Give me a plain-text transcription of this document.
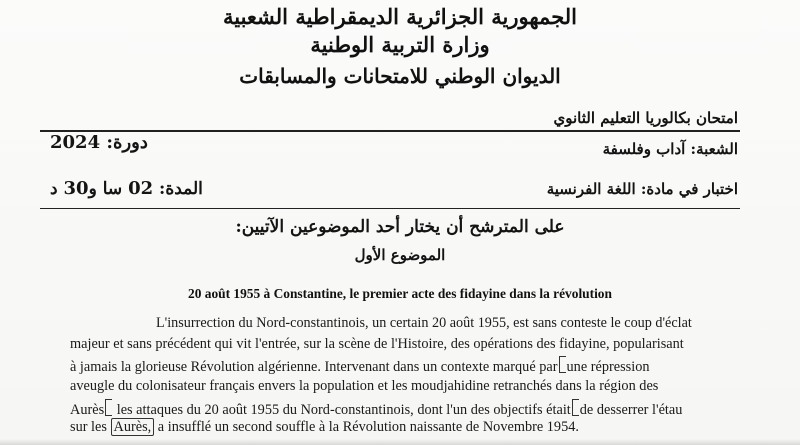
الجمهورية الجزائرية الديمقراطية الشعبية
وزارة التربية الوطنية
الديوان الوطني للامتحانات والمسابقات
امتحان بكالوريا التعليم الثانوي
الشعبة: آداب وفلسفة
دورة: 2024
اختبار في مادة: اللغة الفرنسية
المدة: 02 سا و30 د
على المترشح أن يختار أحد الموضوعين الآتيين:
الموضوع الأول
20 août 1955 à Constantine, le premier acte des fidayine dans la révolution
L'insurrection du Nord-constantinois, un certain 20 août 1955, est sans conteste le coup d'éclat
majeur et sans précédent qui vit l'entrée, sur la scène de l'Histoire, des opérations des fidayine, popularisant
à jamais la glorieuse Révolution algérienne. Intervenant dans un contexte marqué par une répression
aveugle du colonisateur français envers la population et les moudjahidine retranchés dans la région des
Aurès les attaques du 20 août 1955 du Nord-constantinois, dont l'un des objectifs était de desserrer l'étau
sur les Aurès, a insufflé un second souffle à la Révolution naissante de Novembre 1954.
